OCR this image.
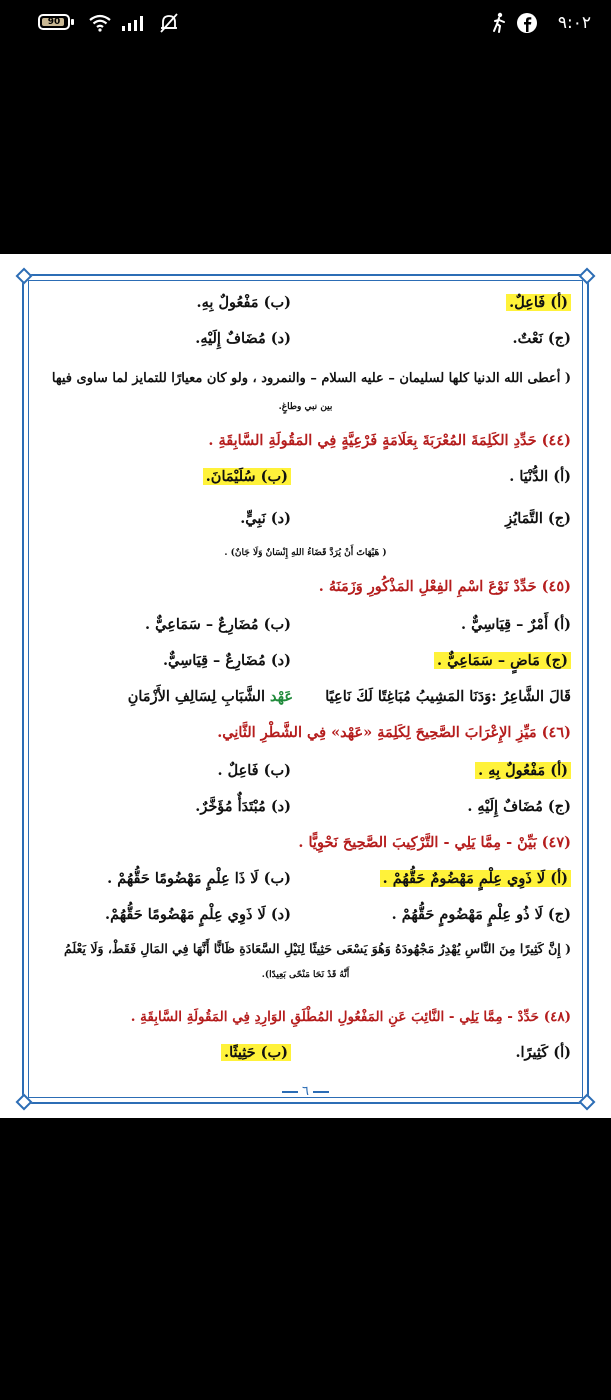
90	٩:٠٢
(أ) فَاعِلٌ.
(ب) مَفْعُولٌ بِهِ.
(ج) نَعْتٌ.
(د) مُضَافٌ إِلَيْهِ.
( أعطى الله الدنيا كلها لسليمان – عليه السلام – والنمرود ، ولو كان معيارًا للتمايز لما ساوى فيها
بين نبي وطاغٍ.
(٤٤) حَدِّدِ الكَلِمَةَ المُعْرَبَةَ بِعَلَامَةٍ فَرْعِيَّةٍ فِي المَقُولَةِ السَّابِقَةِ .
(أ) الدُّنْيَا .
(ب) سُلَيْمَانَ.
(ج) التَّمَايُزِ
(د) نَبِيٍّ.
( هَيْهَاتَ أَنْ يُرَدَّ قَضَاءُ اللهِ إِنْسَانٌ وَلَا جَانٌ) .
(٤٥) حَدِّدْ نَوْعَ اسْمِ الفِعْلِ المَذْكُورِ وَزَمَنَهُ .
(أ) أَمْرٌ – قِيَاسِيٌّ .
(ب) مُضَارِعٌ – سَمَاعِيٌّ .
(ج) مَاضٍ – سَمَاعِيٌّ .
(د) مُضَارِعٌ – قِيَاسِيٌّ.
قَالَ الشَّاعِرُ :وَدَنَا المَشِيبُ مُبَاغِتًا لَكَ نَاعِيًا
عَهْد الشَّبَابِ لِسَالِفِ الأَزْمَانِ
(٤٦) مَيِّزِ الإِعْرَابَ الصَّحِيحَ لِكَلِمَةِ «عَهْد» فِي الشَّطْرِ الثَّانِي.
(أ) مَفْعُولٌ بِهِ .
(ب) فَاعِلٌ .
(ج) مُضَافٌ إِلَيْهِ .
(د) مُبْتَدَأٌ مُؤَخَّرٌ.
(٤٧) بَيِّنْ - مِمَّا يَلِي - التَّرْكِيبَ الصَّحِيحَ نَحْوِيًّا .
(أ) لَا ذَوِي عِلْمٍ مَهْضُومٌ حَقُّهُمْ .
(ب) لَا ذَا عِلْمٍ مَهْضُومًا حَقُّهُمْ .
(ج) لَا ذُو عِلْمٍ مَهْضُومٍ حَقُّهُمْ .
(د) لَا ذَوِي عِلْمٍ مَهْضُومًا حَقُّهُمْ.
( إِنَّ كَثِيرًا مِنَ النَّاسِ يُهْدِرُ مَجْهُودَهُ وَهُوَ يَسْعَى حَثِيثًا لِنَيْلِ السَّعَادَةِ ظَانًّا أَنَّهَا فِي المَالِ فَقَطْ، وَلَا يَعْلَمُ
أَنَّهُ قَدْ نَحَا مَنْحًى بَعِيدًا).
(٤٨) حَدِّدْ - مِمَّا يَلِي - النَّائِبَ عَنِ المَفْعُولِ المُطْلَقِ الوَارِدِ فِي المَقُولَةِ السَّابِقَةِ .
(أ) كَثِيرًا.
(ب) حَثِيثًا.
٦
